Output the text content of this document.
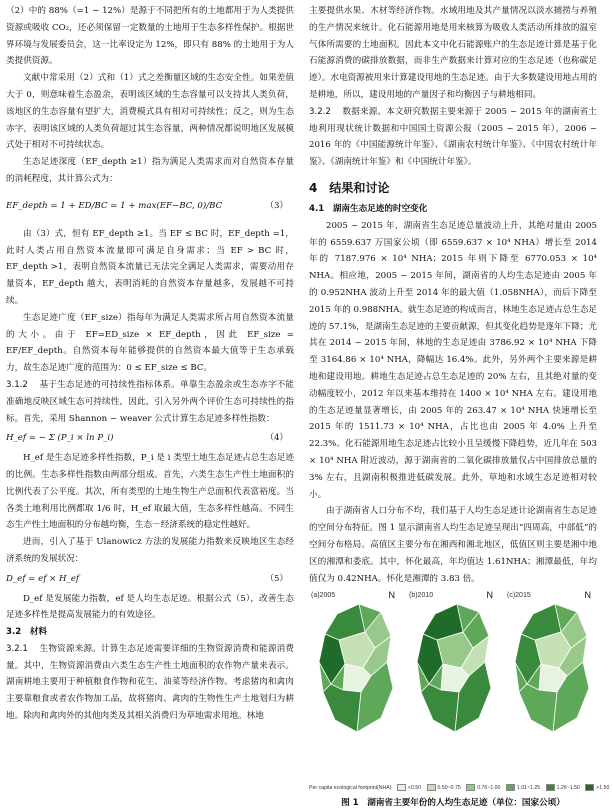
（2）中的 88%（=1 − 12%）是源于不同把所有的土地都用于为人类提供资源或吸收 CO₂，还必须保留一定数量的土地用于生态多样性保护。根据世界环境与发展委员会，这一比率设定为 12%，即只有 88% 的土地用于为人类提供资源。

文献中常采用（2）式和（1）式之差衡量区域的生态安全性。如果差值大于 0，则意味着生态盈余，表明该区域的生态容量可以支持其人类负荷，该地区的生态容量有望扩大，消费模式具有相对可持续性；反之，则为生态赤字，表明该区域的人类负荷超过其生态容量，两种情况都说明地区发展模式处于相对不可持续状态。

生态足迹深度（EF_depth ≥1）指为满足人类需求而对自然资本存量的消耗程度，其计算公式为：

EF_depth = 1 + ED/BC = 1 + max(EF−BC, 0)/BC	（3）

由（3）式，恒有 EF_depth ≥1。当 EF ≤ BC 时，EF_depth =1，此时人类占用自然资本流量即可满足自身需求；当 EF > BC 时，EF_depth >1，表明自然资本流量已无法完全满足人类需求，需要动用存量资本，EF_depth 越大，表明消耗的自然资本存量越多，发展越不可持续。

生态足迹广度（EF_size）指每年为满足人类需求所占用自然资本流量的大小。由于 EF=ED_size × EF_depth，因此 EF_size = EF/EF_depth。自然资本每年能够提供的自然资本最大值等于生态承载力，故生态足迹广度的范围为：0 ≤ EF_size ≤ BC。

3.1.2 　 基于生态足迹的可持续性指标体系。单靠生态盈余或生态赤字不能准确地反映区域生态可持续性，因此，引入另外两个评价生态可持续性的指标。首先，采用 Shannon − weaver 公式计算生态足迹多样性指数：

H_ef = − Σ (P_i × ln P_i)	（4）

H_ef 是生态足迹多样性指数，P_i 是 i 类型土地生态足迹占总生态足迹的比例。生态多样性指数由两部分组成。首先，六类生态生产性土地面积的比例代表了公平度。其次，所有类型的土地生物生产总面积代表富裕度。当各类土地利用比例都取 1/6 时，H_ef 取最大值，生态多样性越高。不同生态生产性土地面积的分布越均衡，生态－经济系统的稳定性越好。

进而，引入了基于 Ulanowicz 方法的发展能力指数来反映地区生态经济系统的发展状况：

D_ef = ef × H_ef	（5）

D_ef 是发展能力指数，ef 是人均生态足迹。根据公式（5），改善生态足迹多样性是提高发展能力的有效途径。

3.2　材料

3.2.1 　 生物资源来源。计算生态足迹需要详细的生物资源消费和能源消费量。其中，生物资源消费由六类生态生产性土地面积的农作物产量来表示。湖南耕地主要用于种植粮食作物和花生、油菜等经济作物。考虑猪肉和禽肉主要靠粮食或者农作物加工品，故将猪肉、禽肉的生物性生产土地划归为耕地。除肉和禽肉外的其他肉类及其相关消费归为草地需求用地。林地

主要提供水果、木材等经济作物。水域用地及其产量情况以淡水捕捞与养殖的生产情况来统计。化石能源用地是用来核算为吸收人类活动所排放的温室气体所需要的土地面积。因此本文中化石能源账户的生态足迹计算是基于化石能源消费的碳排放数据，而非生产数据来计算对应的生态足迹（也称碳足迹）。水电资源被用来计算建设用地的生态足迹。由于大多数建设用地占用的是耕地，所以，建设用地的产量因子和均衡因子与耕地相同。

3.2.2 　 数据来源。本文研究数据主要来源于 2005 ~ 2015 年的湖南省土地利用现状统计数据和中国国土资源公报（2005 ~ 2015 年），2006 ~ 2016 年的《中国能源统计年鉴》、《湖南农村统计年鉴》、《中国农村统计年鉴》、《湖南统计年鉴》和《中国统计年鉴》。

4　结果和讨论
4.1　湖南生态足迹的时空变化

2005 ~ 2015 年，湖南省生态足迹总量波动上升，其绝对量由 2005 年的 6559.637 万国家公顷（即 6559.637 × 10⁴ NHA）增长至 2014 年的 7187.976 × 10⁴ NHA；2015 年则下降至 6770.053 × 10⁴ NHA。相应地，2005 ~ 2015 年间，湖南省的人均生态足迹由 2005 年的 0.952NHA 波动上升至 2014 年的最大值（1.058NHA），而后下降至 2015 年的 0.988NHA。就生态足迹的构成而言，林地生态足迹占总生态足迹的 57.1%，是湖南生态足迹的主要贡献源，但其变化趋势是逐年下降；尤其在 2014 ~ 2015 年间，林地的生态足迹由 3786.92 × 10⁴ NHA 下降至 3164.86 × 10⁴ NHA，降幅达 16.4%。此外，另外两个主要来源是耕地和建设用地。耕地生态足迹占总生态足迹的 20% 左右，且其绝对量的变动幅度较小，2012 年以来基本维持在 1400 × 10⁴ NHA 左右。建设用地的生态足迹量显著增长，由 2005 年的 263.47 × 10⁴ NHA 快速增长至 2015 年的 1511.73 × 10⁴ NHA，占比也由 2005 年 4.0% 上升至 22.3%。化石能源用地生态足迹占比较小且呈缓慢下降趋势，近几年在 503 × 10⁴ NHA 附近波动，源于湖南省的二氧化碳排放量仅占中国排放总量的 3% 左右，且湖南积极推进低碳发展。此外，草地和水域生态足迹相对较小。

由于湖南省人口分布不均，我们基于人均生态足迹计论湖南省生态足迹的空间分布特征。图 1 显示湖南省人均生态足迹呈现出“四周高，中部低”的空间分布格局。高值区主要分布在湘西和湘北地区，低值区则主要是湘中地区的湘潭和娄底。其中，怀化最高，年均值达 1.61NHA；湘潭最低，年均值仅为 0.42NHA。怀化是湘潭的 3.83 倍。

(a)2005	N (b)2010	N (c)2015	N
Per capita ecological footprint(NHA)	<0.50	0.50~0.75	0.76~1.00	1.01~1.25	1.26~1.50	>1.50
图 1　湖南省主要年份的人均生态足迹（单位：国家公顷）
